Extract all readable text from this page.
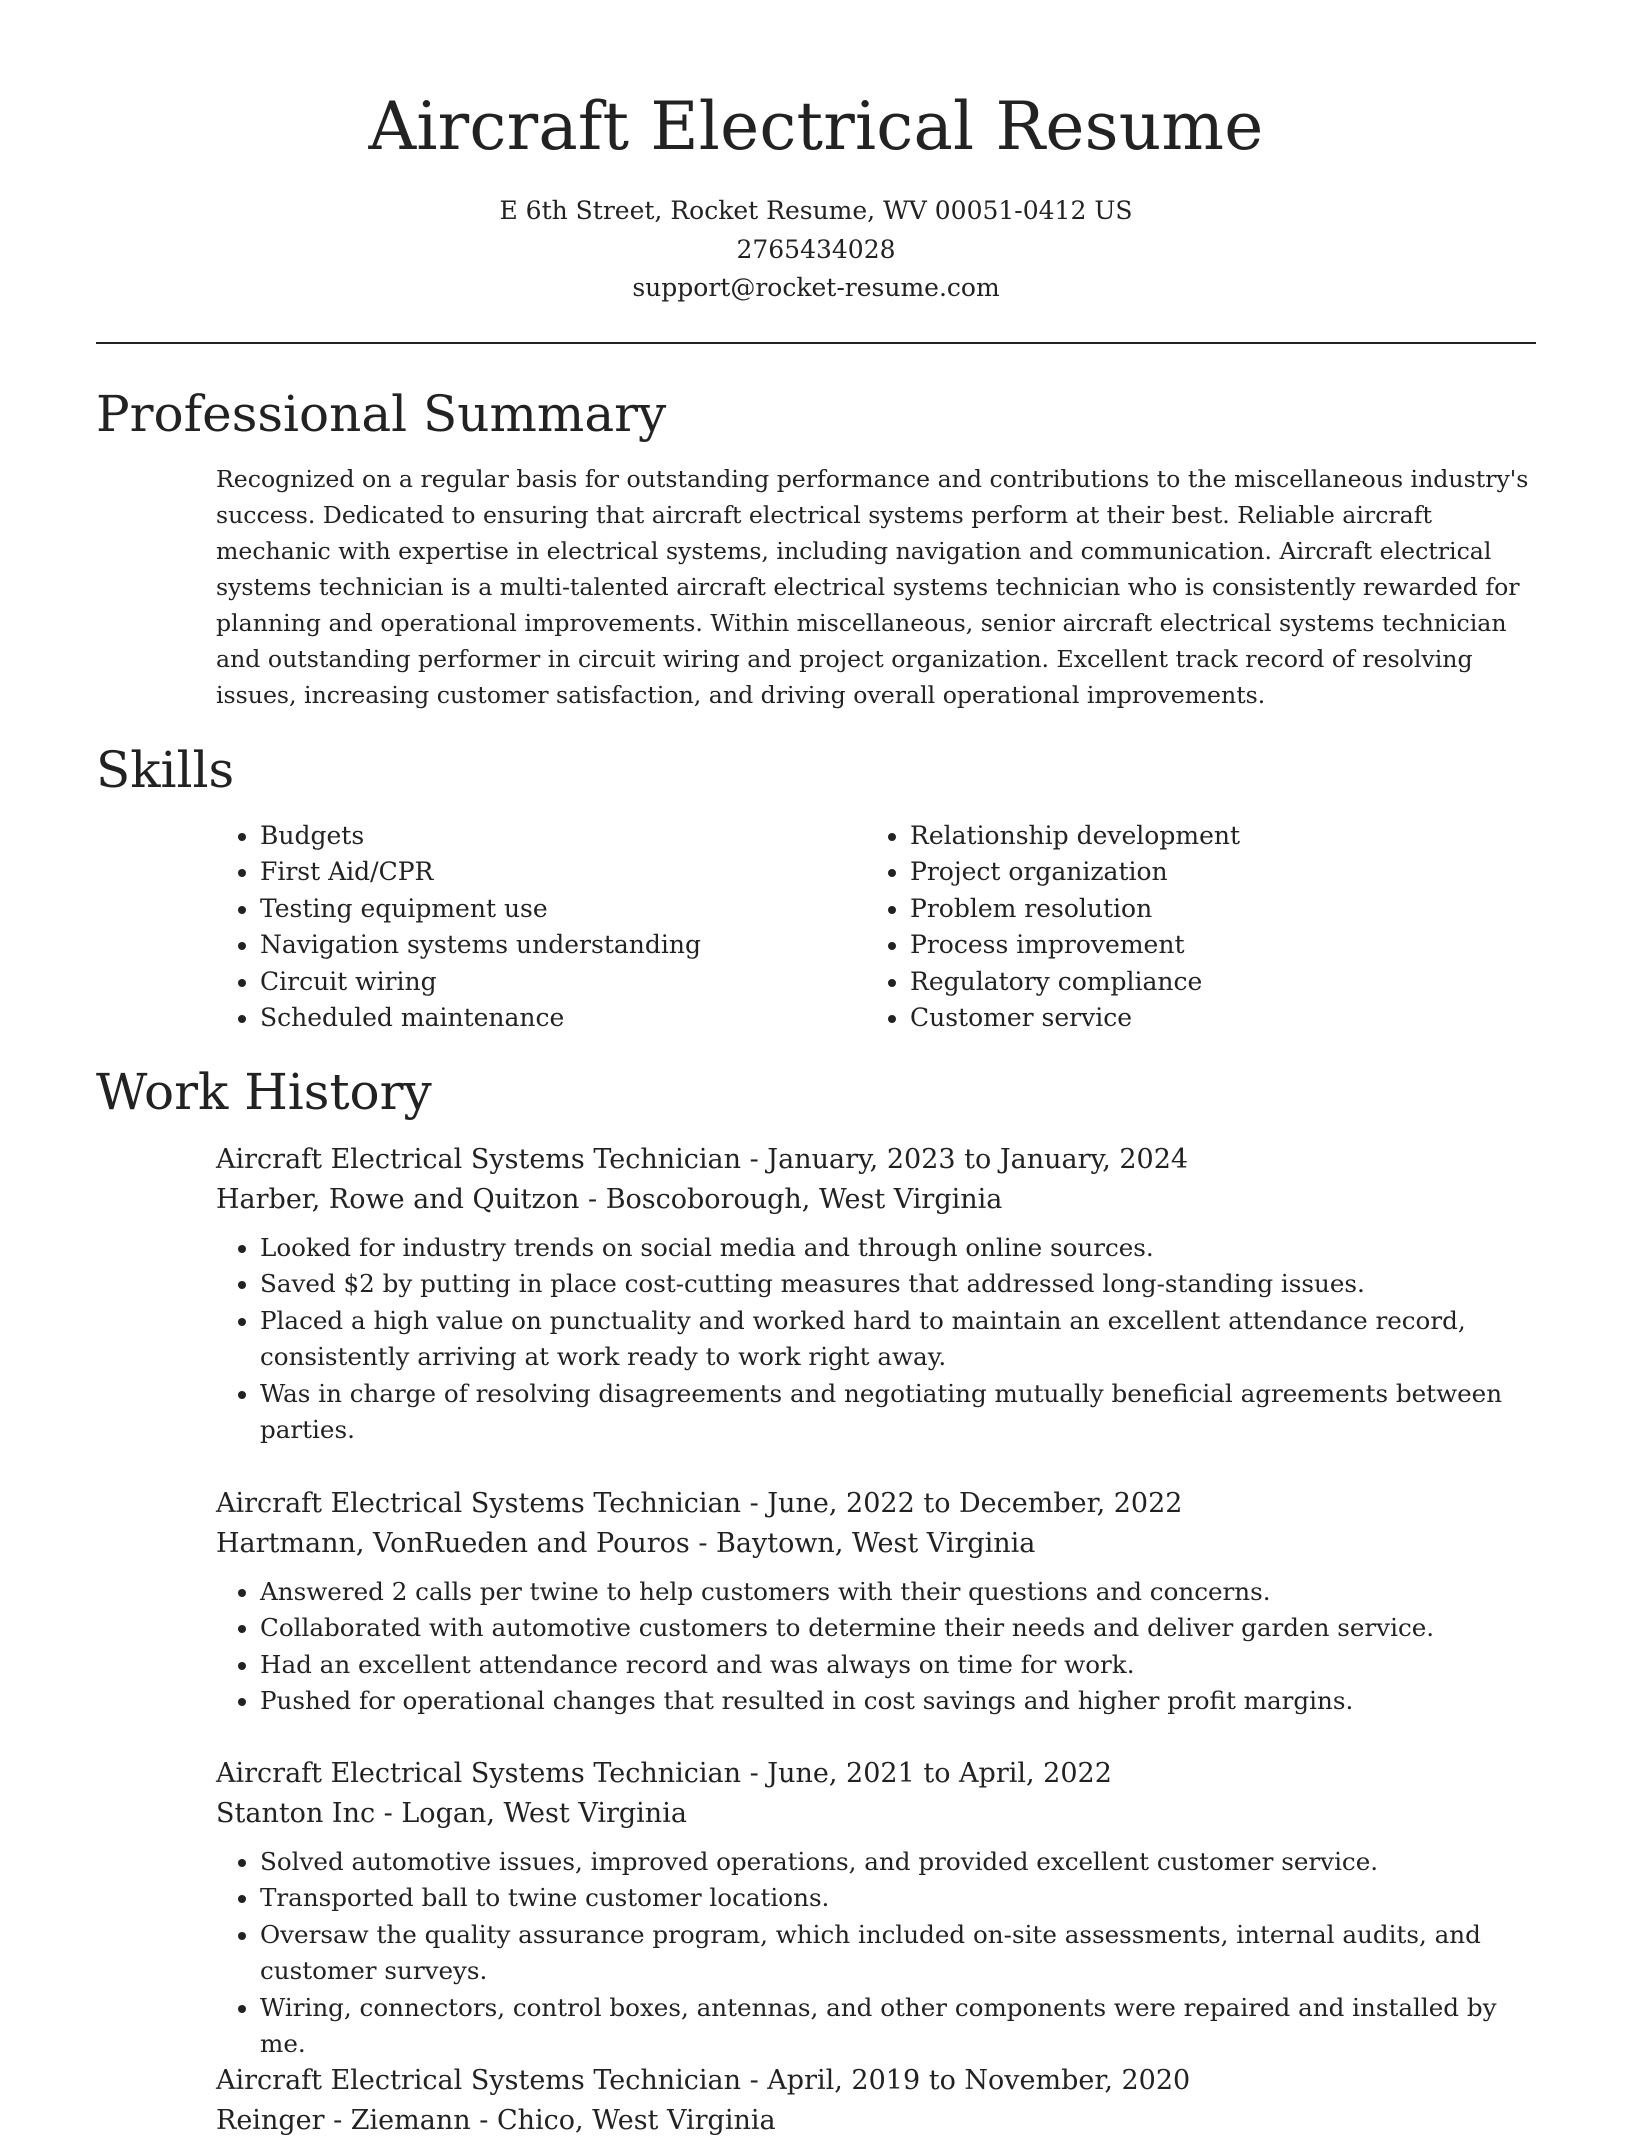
Aircraft Electrical Resume
E 6th Street, Rocket Resume, WV 00051-0412 US
2765434028
support@rocket-resume.com
Professional Summary
Recognized on a regular basis for outstanding performance and contributions to the miscellaneous industry's success. Dedicated to ensuring that aircraft electrical systems perform at their best. Reliable aircraft mechanic with expertise in electrical systems, including navigation and communication. Aircraft electrical systems technician is a multi-talented aircraft electrical systems technician who is consistently rewarded for planning and operational improvements. Within miscellaneous, senior aircraft electrical systems technician and outstanding performer in circuit wiring and project organization. Excellent track record of resolving issues, increasing customer satisfaction, and driving overall operational improvements.
Skills
• Budgets
• First Aid/CPR
• Testing equipment use
• Navigation systems understanding
• Circuit wiring
• Scheduled maintenance
• Relationship development
• Project organization
• Problem resolution
• Process improvement
• Regulatory compliance
• Customer service
Work History
Aircraft Electrical Systems Technician - January, 2023 to January, 2024
Harber, Rowe and Quitzon - Boscoborough, West Virginia
• Looked for industry trends on social media and through online sources.
• Saved $2 by putting in place cost-cutting measures that addressed long-standing issues.
• Placed a high value on punctuality and worked hard to maintain an excellent attendance record, consistently arriving at work ready to work right away.
• Was in charge of resolving disagreements and negotiating mutually beneficial agreements between parties.
Aircraft Electrical Systems Technician - June, 2022 to December, 2022
Hartmann, VonRueden and Pouros - Baytown, West Virginia
• Answered 2 calls per twine to help customers with their questions and concerns.
• Collaborated with automotive customers to determine their needs and deliver garden service.
• Had an excellent attendance record and was always on time for work.
• Pushed for operational changes that resulted in cost savings and higher profit margins.
Aircraft Electrical Systems Technician - June, 2021 to April, 2022
Stanton Inc - Logan, West Virginia
• Solved automotive issues, improved operations, and provided excellent customer service.
• Transported ball to twine customer locations.
• Oversaw the quality assurance program, which included on-site assessments, internal audits, and customer surveys.
• Wiring, connectors, control boxes, antennas, and other components were repaired and installed by me.
Aircraft Electrical Systems Technician - April, 2019 to November, 2020
Reinger - Ziemann - Chico, West Virginia
